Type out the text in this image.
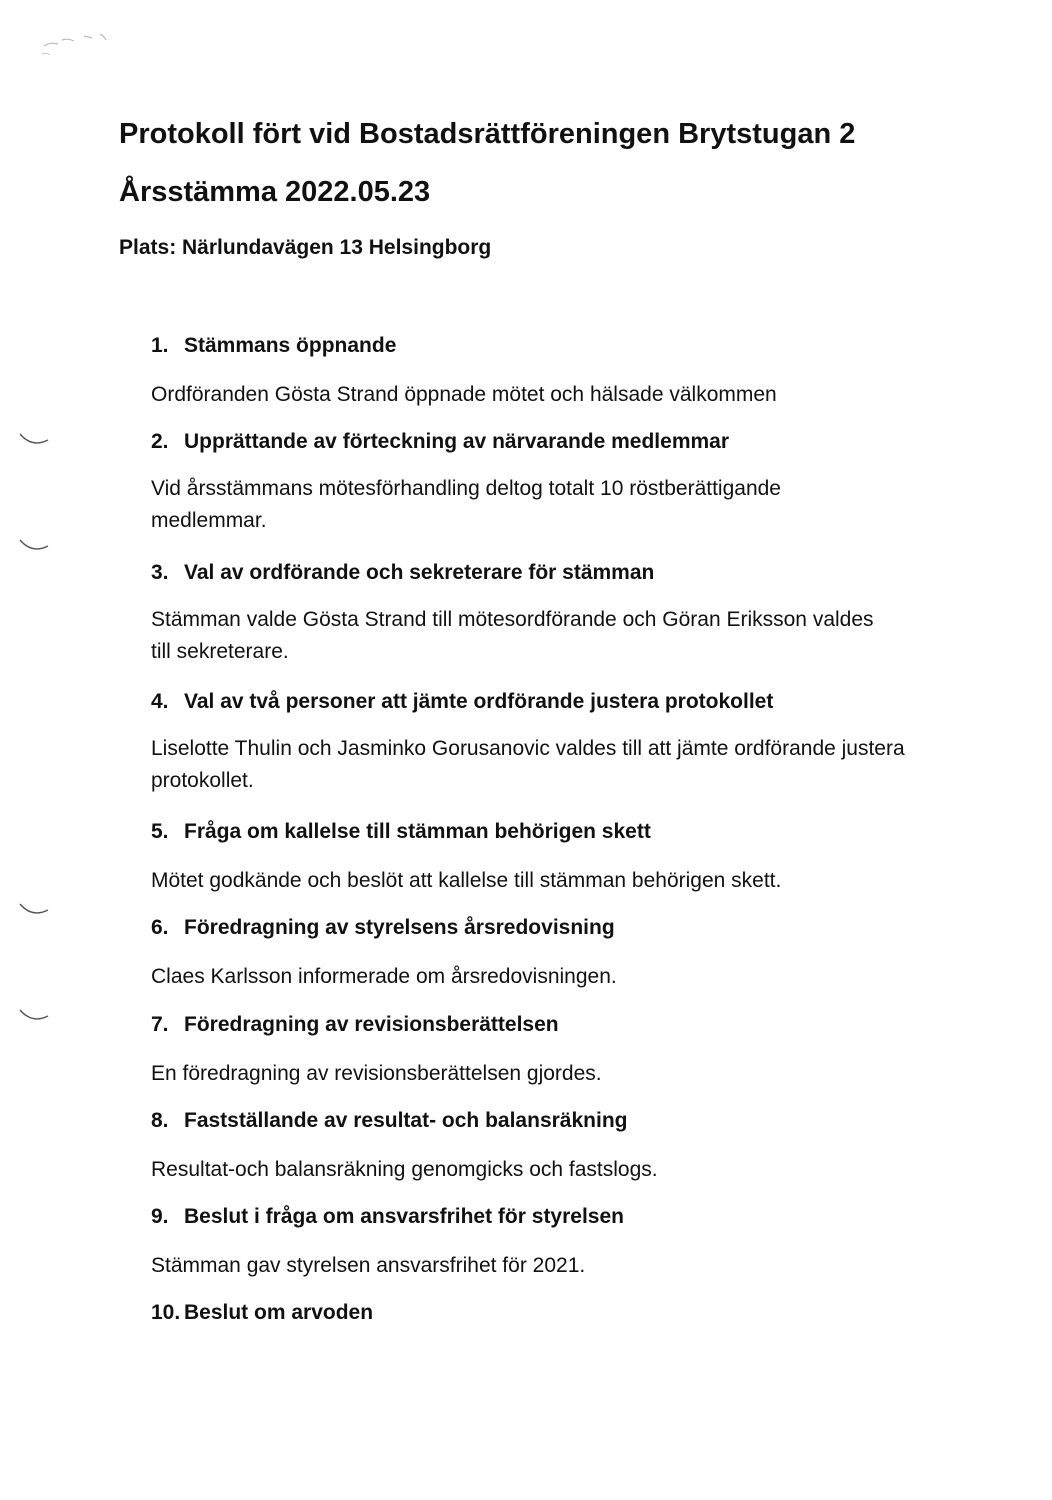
Protokoll fört vid Bostadsrättföreningen Brytstugan 2
Årsstämma 2022.05.23

Plats: Närlundavägen 13 Helsingborg

1. Stämmans öppnande

Ordföranden Gösta Strand öppnade mötet och hälsade välkommen

2. Upprättande av förteckning av närvarande medlemmar

Vid årsstämmans mötesförhandling deltog totalt 10 röstberättigande medlemmar.

3. Val av ordförande och sekreterare för stämman

Stämman valde Gösta Strand till mötesordförande och Göran Eriksson valdes till sekreterare.

4. Val av två personer att jämte ordförande justera protokollet

Liselotte Thulin och Jasminko Gorusanovic valdes till att jämte ordförande justera protokollet.

5. Fråga om kallelse till stämman behörigen skett

Mötet godkände och beslöt att kallelse till stämman behörigen skett.

6. Föredragning av styrelsens årsredovisning

Claes Karlsson informerade om årsredovisningen.

7. Föredragning av revisionsberättelsen

En föredragning av revisionsberättelsen gjordes.

8. Fastställande av resultat- och balansräkning

Resultat-och balansräkning genomgicks och fastslogs.

9. Beslut i fråga om ansvarsfrihet för styrelsen

Stämman gav styrelsen ansvarsfrihet för 2021.

10. Beslut om arvoden
